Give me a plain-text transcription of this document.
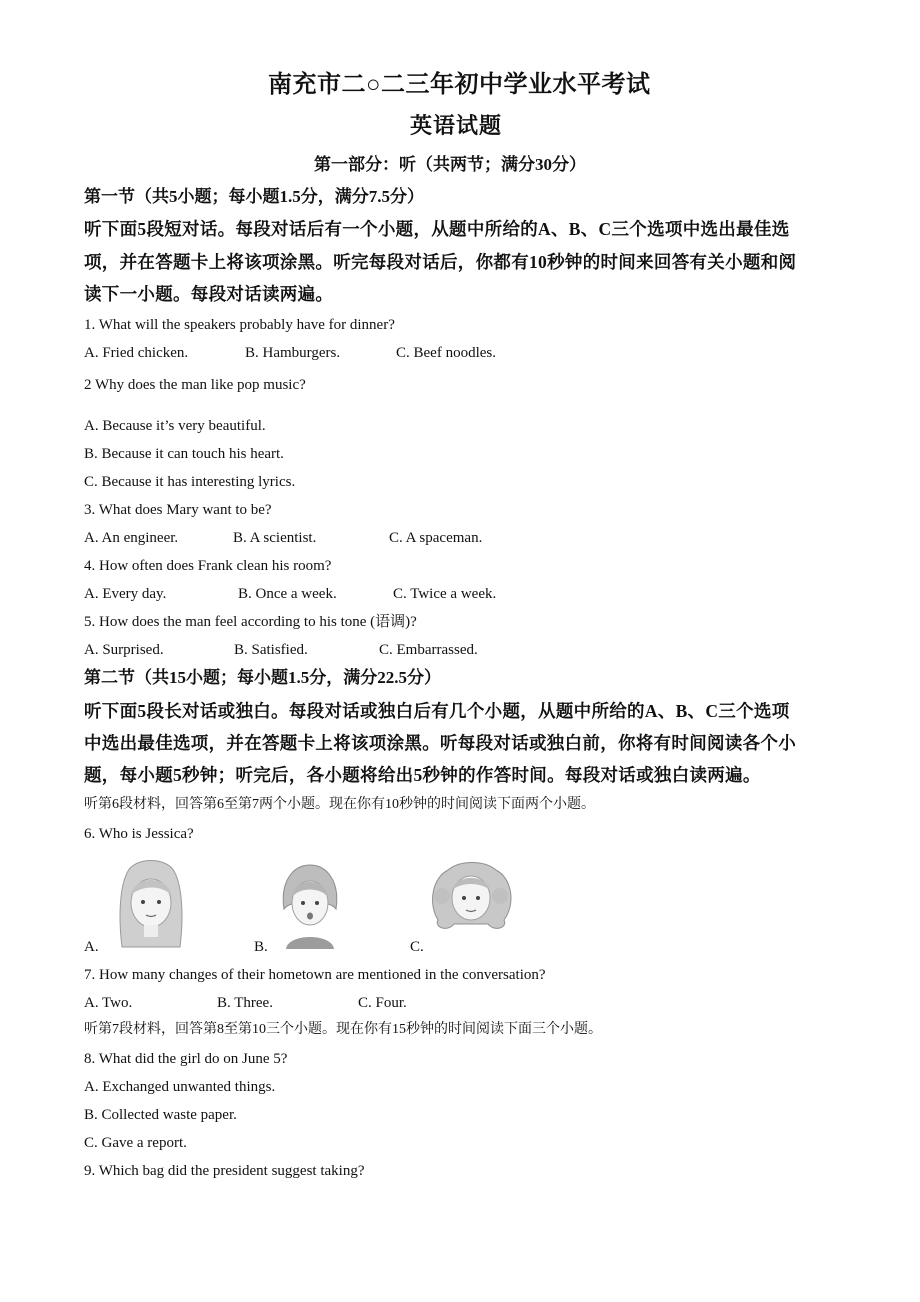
南充市二○二三年初中学业水平考试
英语试题
第一部分：听（共两节；满分30分）
第一节（共5小题；每小题1.5分，满分7.5分）
听下面5段短对话。每段对话后有一个小题，从题中所给的A、B、C三个选项中选出最佳选
项，并在答题卡上将该项涂黑。听完每段对话后，你都有10秒钟的时间来回答有关小题和阅
读下一小题。每段对话读两遍。
1. What will the speakers probably have for dinner?
A. Fried chicken.	B. Hamburgers.	C. Beef noodles.
2 Why does the man like pop music?
A. Because it’s very beautiful.
B. Because it can touch his heart.
C. Because it has interesting lyrics.
3. What does Mary want to be?
A. An engineer.	B. A scientist.	C. A spaceman.
4. How often does Frank clean his room?
A. Every day.	B. Once a week.	C. Twice a week.
5. How does the man feel according to his tone (语调)?
A. Surprised.	B. Satisfied.	C. Embarrassed.
第二节（共15小题；每小题1.5分，满分22.5分）
听下面5段长对话或独白。每段对话或独白后有几个小题，从题中所给的A、B、C三个选项
中选出最佳选项，并在答题卡上将该项涂黑。听每段对话或独白前，你将有时间阅读各个小
题，每小题5秒钟；听完后，各小题将给出5秒钟的作答时间。每段对话或独白读两遍。
听第6段材料，回答第6至第7两个小题。现在你有10秒钟的时间阅读下面两个小题。
6. Who is Jessica?
A.	B.	C.
7. How many changes of their hometown are mentioned in the conversation?
A. Two.	B. Three.	C. Four.
听第7段材料，回答第8至第10三个小题。现在你有15秒钟的时间阅读下面三个小题。
8. What did the girl do on June 5?
A. Exchanged unwanted things.
B. Collected waste paper.
C. Gave a report.
9. Which bag did the president suggest taking?
